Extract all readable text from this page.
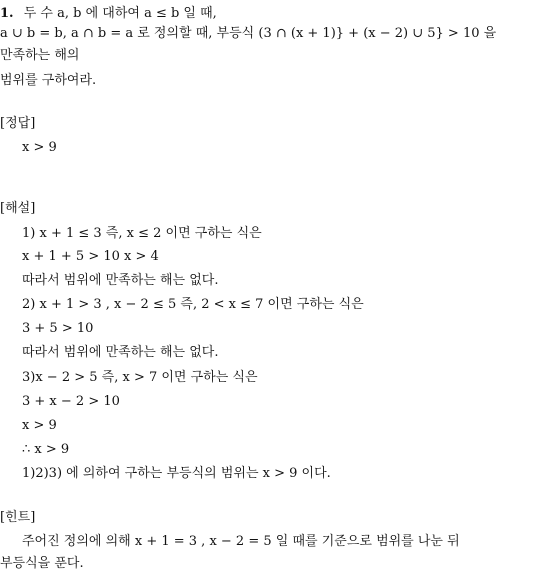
1. 두 수 a, b 에 대하여 a ≤ b 일 때,
a ∪ b = b, a ∩ b = a 로 정의할 때, 부등식 (3 ∩ (x + 1)} + (x − 2) ∪ 5} > 10 을
만족하는 해의
범위를 구하여라.
[정답]
x > 9
[해설]
1) x + 1 ≤ 3 즉, x ≤ 2 이면 구하는 식은
x + 1 + 5 > 10 x > 4
따라서 범위에 만족하는 해는 없다.
2) x + 1 > 3 , x − 2 ≤ 5 즉, 2 < x ≤ 7 이면 구하는 식은
3 + 5 > 10
따라서 범위에 만족하는 해는 없다.
3)x − 2 > 5 즉, x > 7 이면 구하는 식은
3 + x − 2 > 10
x > 9
∴ x > 9
1)2)3) 에 의하여 구하는 부등식의 범위는 x > 9 이다.
[힌트]
주어진 정의에 의해 x + 1 = 3 , x − 2 = 5 일 때를 기준으로 범위를 나눈 뒤
부등식을 푼다.
